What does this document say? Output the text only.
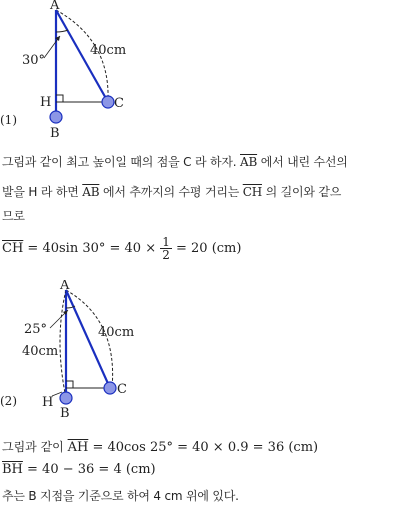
A
B
C
H
30°
40cm
(1)
그림과 같이 최고 높이일 때의 점을 C 라 하자. $\overline{AB}$ 에서 내린 수선의
발을 H 라 하면 $\overline{AB}$ 에서 추까지의 수평 거리는 $\overline{CH}$ 의 길이와 같으
므로
$\overline{CH} = 40\sin$ $30^\circ = 40 \times \frac{1}{2} = 20$ (cm)
A
B
C
H
25°	40cm
40cm
(2)
그림과 같이 $\overline{AH} = 40\cos$ 25° = 40 × 0.9 = 36 (cm)
$\overline{BH} = 40 - 36 = 4$ (cm)
추는 B 지점을 기준으로 하여 4 cm 위에 있다.
